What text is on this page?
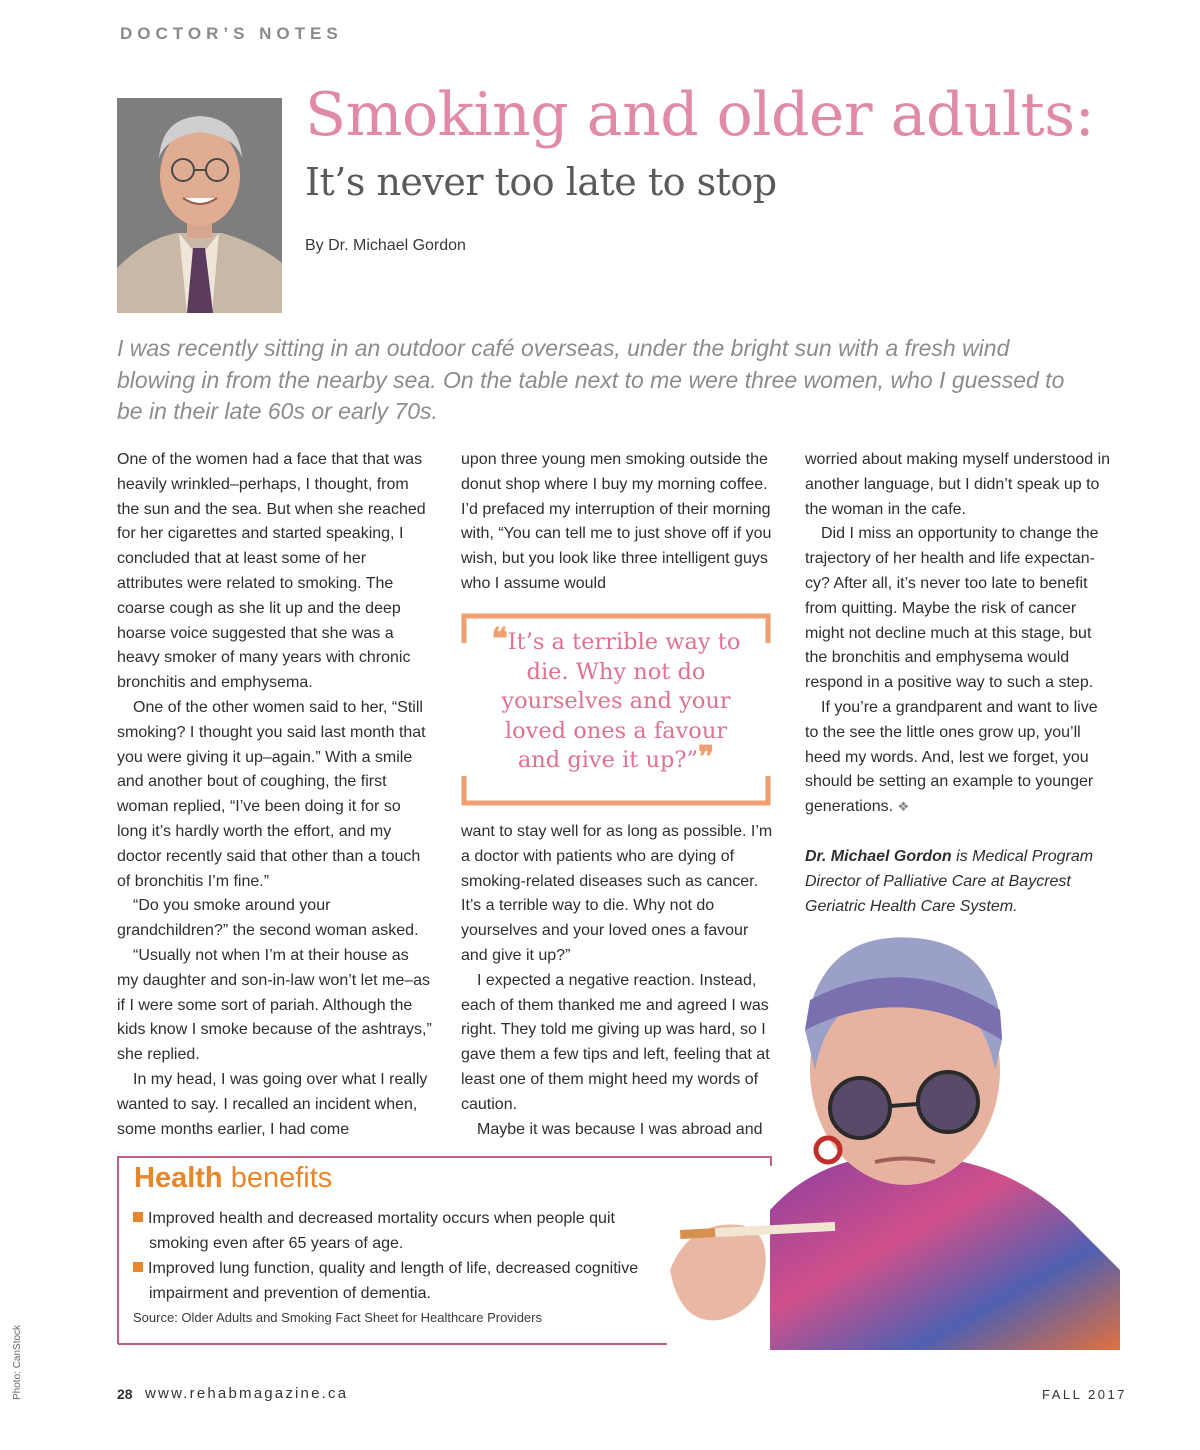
DOCTOR’S NOTES
Smoking and older adults:
It’s never too late to stop
By Dr. Michael Gordon
I was recently sitting in an outdoor café overseas, under the bright sun with a fresh wind blowing in from the nearby sea. On the table next to me were three women, who I guessed to be in their late 60s or early 70s.

One of the women had a face that that was heavily wrinkled–perhaps, I thought, from the sun and the sea. But when she reached for her cigarettes and started speaking, I concluded that at least some of her attributes were related to smoking. The coarse cough as she lit up and the deep hoarse voice suggested that she was a heavy smoker of many years with chronic bronchitis and emphysema.

One of the other women said to her, “Still smoking? I thought you said last month that you were giving it up–again.” With a smile and another bout of coughing, the first woman replied, “I’ve been doing it for so long it’s hardly worth the effort, and my doctor recently said that other than a touch of bronchitis I’m fine.”

“Do you smoke around your grandchildren?” the second woman asked.

“Usually not when I’m at their house as my daughter and son-in-law won’t let me–as if I were some sort of pariah. Although the kids know I smoke because of the ashtrays,” she replied.

In my head, I was going over what I really wanted to say. I recalled an incident when, some months earlier, I had come

upon three young men smoking outside the donut shop where I buy my morning coffee. I’d prefaced my interruption of their morning with, “You can tell me to just shove off if you wish, but you look like three intelligent guys who I assume would

❝It’s a terrible way to die. Why not do yourselves and your loved ones a favour and give it up?”❞

want to stay well for as long as possible. I’m a doctor with patients who are dying of smoking-related diseases such as cancer. It’s a terrible way to die. Why not do yourselves and your loved ones a favour and give it up?”

I expected a negative reaction. Instead, each of them thanked me and agreed I was right. They told me giving up was hard, so I gave them a few tips and left, feeling that at least one of them might heed my words of caution.

Maybe it was because I was abroad and

worried about making myself understood in another language, but I didn’t speak up to the woman in the cafe.

Did I miss an opportunity to change the trajectory of her health and life expectan-cy? After all, it’s never too late to benefit from quitting. Maybe the risk of cancer might not decline much at this stage, but the bronchitis and emphysema would respond in a positive way to such a step.

If you’re a grandparent and want to live to the see the little ones grow up, you’ll heed my words. And, lest we forget, you should be setting an example to younger generations. ❖

Dr. Michael Gordon is Medical Program Director of Palliative Care at Baycrest Geriatric Health Care System.
Health benefits
Improved health and decreased mortality occurs when people quit
smoking even after 65 years of age.
Improved lung function, quality and length of life, decreased cognitive
impairment and prevention of dementia.
Source: Older Adults and Smoking Fact Sheet for Healthcare Providers
Photo: CanStock	28 www.rehabmagazine.ca	FALL 2017
